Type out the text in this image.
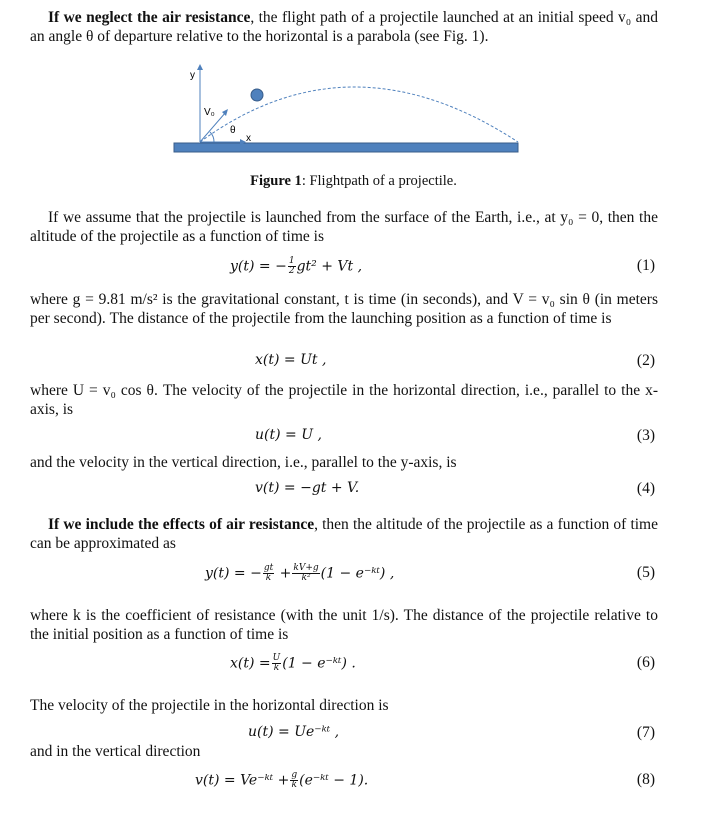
If we neglect the air resistance, the flight path of a projectile launched at an initial speed v₀ and an angle θ of departure relative to the horizontal is a parabola (see Fig. 1).
y
x
V₀
θ
Figure 1: Flightpath of a projectile.
If we assume that the projectile is launched from the surface of the Earth, i.e., at y₀ = 0, then the altitude of the projectile as a function of time is
y(t) = − $\frac{1}{2} gt^2 + Vt$ ,	(1)
where g = 9.81 m/s² is the gravitational constant, t is time (in seconds), and V = v₀ sin θ (in meters per second). The distance of the projectile from the launching position as a function of time is
x(t) = Ut ,	(2)
where U = v₀ cos θ. The velocity of the projectile in the horizontal direction, i.e., parallel to the x-axis, is
u(t) = U ,	(3)
and the velocity in the vertical direction, i.e., parallel to the y-axis, is
v(t) = −gt + V.	(4)
If we include the effects of air resistance, then the altitude of the projectile as a function of time can be approximated as
y(t) = − $\frac{gt}{k} + \frac{kV+g}{\text{k²}} (1$ − e⁻ᵏᵗ) ,	(5)
where k is the coefficient of resistance (with the unit 1/s). The distance of the projectile relative to the initial position as a function of time is
$x(t) = \frac{U}{k} (1$ − e⁻ᵏᵗ) .	(6)
The velocity of the projectile in the horizontal direction is
u(t) = Ue⁻ᵏᵗ ,	(7)
and in the vertical direction
v(t) = Ve⁻ᵏᵗ + $\frac{g}{k}$ (e⁻ᵏᵗ − 1).	(8)
